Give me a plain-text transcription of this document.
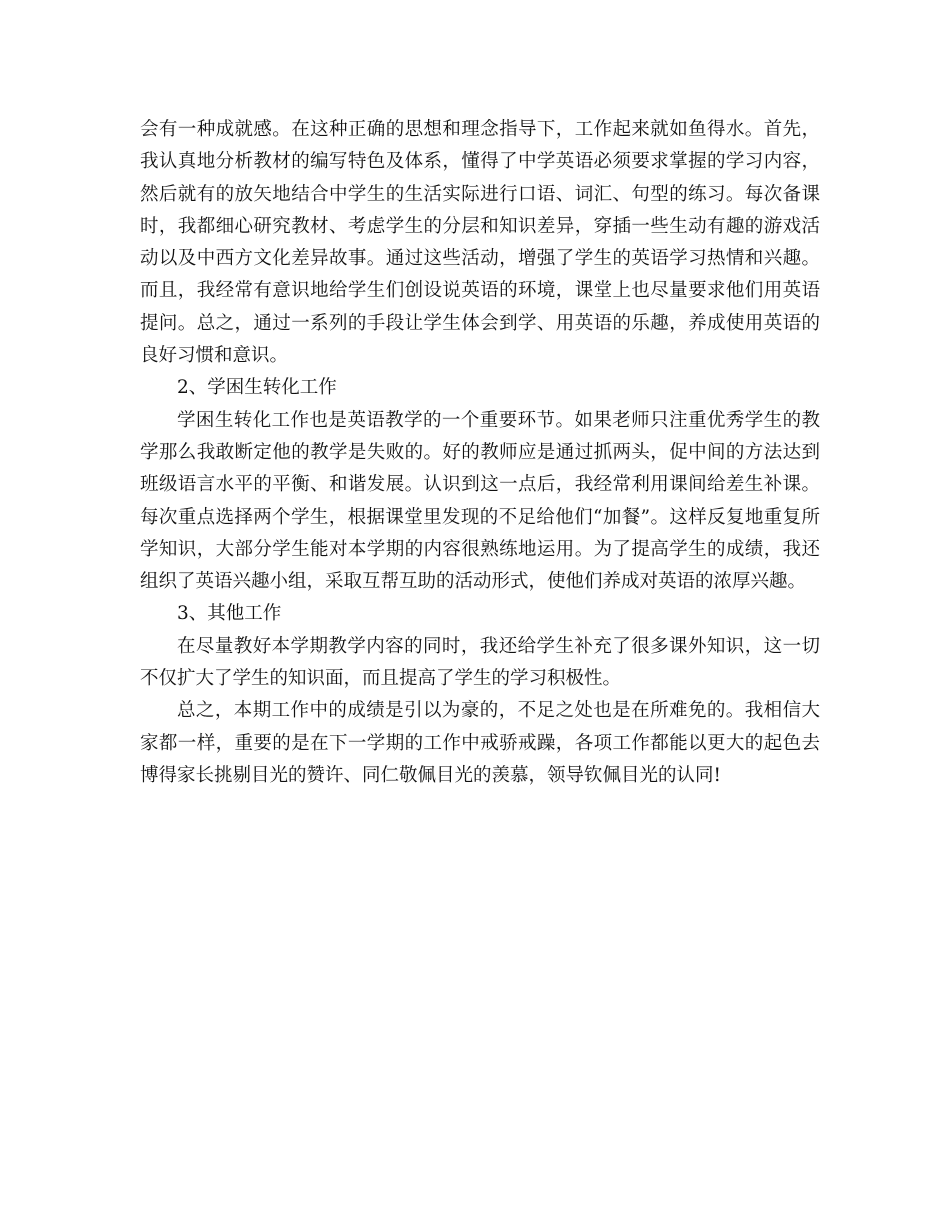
会有一种成就感。在这种正确的思想和理念指导下，工作起来就如鱼得水。首先，我认真地分析教材的编写特色及体系，懂得了中学英语必须要求掌握的学习内容，然后就有的放矢地结合中学生的生活实际进行口语、词汇、句型的练习。每次备课时，我都细心研究教材、考虑学生的分层和知识差异，穿插一些生动有趣的游戏活动以及中西方文化差异故事。通过这些活动，增强了学生的英语学习热情和兴趣。而且，我经常有意识地给学生们创设说英语的环境，课堂上也尽量要求他们用英语提问。总之，通过一系列的手段让学生体会到学、用英语的乐趣，养成使用英语的良好习惯和意识。

2、学困生转化工作

学困生转化工作也是英语教学的一个重要环节。如果老师只注重优秀学生的教学那么我敢断定他的教学是失败的。好的教师应是通过抓两头，促中间的方法达到班级语言水平的平衡、和谐发展。认识到这一点后，我经常利用课间给差生补课。每次重点选择两个学生，根据课堂里发现的不足给他们“加餐”。这样反复地重复所学知识，大部分学生能对本学期的内容很熟练地运用。为了提高学生的成绩，我还组织了英语兴趣小组，采取互帮互助的活动形式，使他们养成对英语的浓厚兴趣。

3、其他工作

在尽量教好本学期教学内容的同时，我还给学生补充了很多课外知识，这一切不仅扩大了学生的知识面，而且提高了学生的学习积极性。

总之，本期工作中的成绩是引以为豪的，不足之处也是在所难免的。我相信大家都一样，重要的是在下一学期的工作中戒骄戒躁，各项工作都能以更大的起色去博得家长挑剔目光的赞许、同仁敬佩目光的羡慕，领导钦佩目光的认同!
